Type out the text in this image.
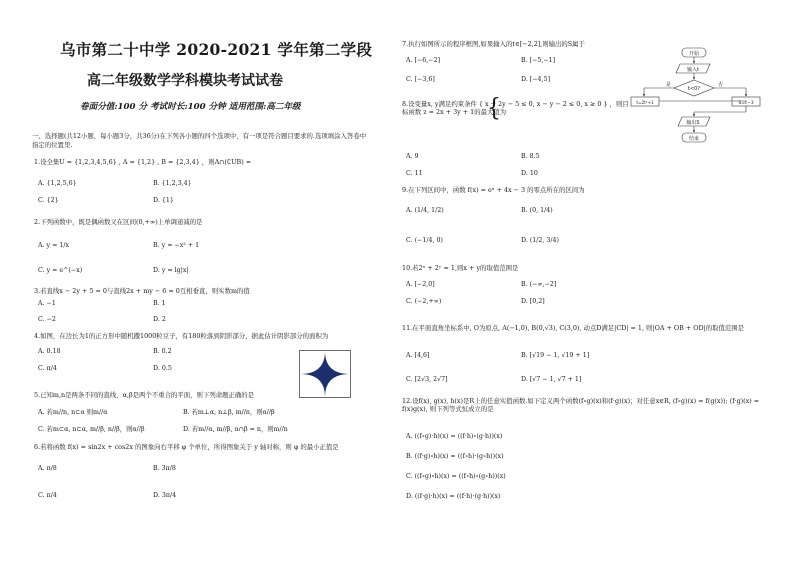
乌市第二十中学 2020-2021 学年第二学段
高二年级数学学科模块考试试卷
卷面分值:100 分 考试时长:100 分钟 适用范围:高二年级
一、选择题(共12小题，每小题3分，共36分)在下列各小题的四个选项中，有一项是符合题目要求的.选项填涂入答卷中指定的位置里.
1.设全集U = {1,2,3,4,5,6} , A = {1,2} , B = {2,3,4} ，则A∩(∁UB) =
A. {1,2,5,6}	B. {1,2,3,4}
C. {2}	D. {1}
2.下列函数中，既是偶函数又在区间(0,+∞)上单调递减的是
A. y = 1/x	B. y = −x² + 1
C. y = e^(−x)	D. y = lg|x|
3.若直线x − 2y + 5 = 0与直线2x + my − 6 = 0互相垂直，则实数m的值
A. −1	B. 1
C. −2	D. 2
4.如图，在边长为1的正方形中随机撒1000粒豆子，有180粒落到阴影部分，据此估计阴影部分的面积为
A. 0.18	B. 0.2
C. π/4	D. 0.5
5.已知m,n是两条不同的直线，α,β是两个不重合的平面，则下列命题正确的是
A. 若m//n, n⊂α 则m//α	B. 若m⊥α, n⊥β, m//n，则α//β
C. 若m⊂α, n⊂α, m//β, n//β，则α//β	D. 若m//α, m//β, α∩β = n，则m//n
6.若将函数 f(x) = sin2x + cos2x 的图象向右平移 φ 个单位，所得图象关于 y 轴对称，则 φ 的最小正值是
A. π/8	B. 3π/8
C. π/4	D. 3π/4
7.执行如图所示的程序框图,如果输入的t∈[−2,2],则输出的S属于
A. [−6,−2]	B. [−5,−1]
C. [−3,6]	D. [−4,5]
8.设变量x, y满足约束条件 { x + 2y − 5 ≤ 0, x − y − 2 ≤ 0, x ≥ 0 } ，则目标函数 z = 2x + 3y + 1的最大值为
A. 9	B. 8.5
C. 11	D. 10
9.在下列区间中，函数 f(x) = eˣ + 4x − 3 的零点所在的区间为
A. (1/4, 1/2)	B. (0, 1/4)
C. (−1/4, 0)	D. (1/2, 3/4)
10.若2ˣ + 2ʸ = 1,则x + y的取值范围是
A. [−2,0]	B. (−∞,−2]
C. (−2,+∞)	D. [0,2]
11.在平面直角坐标系中, O为原点, A(−1,0), B(0,√3), C(3,0), 动点D满足|CD| = 1, 则|OA + OB + OD|的取值范围是
A. [4,6]	B. [√19 − 1, √19 + 1]
C. [2√3, 2√7]	D. [√7 − 1, √7 + 1]
12.设f(x), g(x), h(x)是R上的任意实值函数.如下定义两个函数(f∘g)(x)和(f·g)(x)；对任意x∈R, (f∘g)(x) = f(g(x)); (f·g)(x) = f(x)g(x), 则下列等式恒成立的是
A. ((f∘g)·h)(x) = ((f·h)∘(g·h))(x)
B. ((f·g)∘h)(x) = ((f∘h)·(g∘h))(x)
C. ((f∘g)∘h)(x) = ((f∘h)∘(g∘h))(x)
D. ((f·g)·h)(x) = ((f·h)·(g·h))(x)
{
开始
输入t
t<0?
是	否
t=2t²+1	S=t−3
输出S
结束
